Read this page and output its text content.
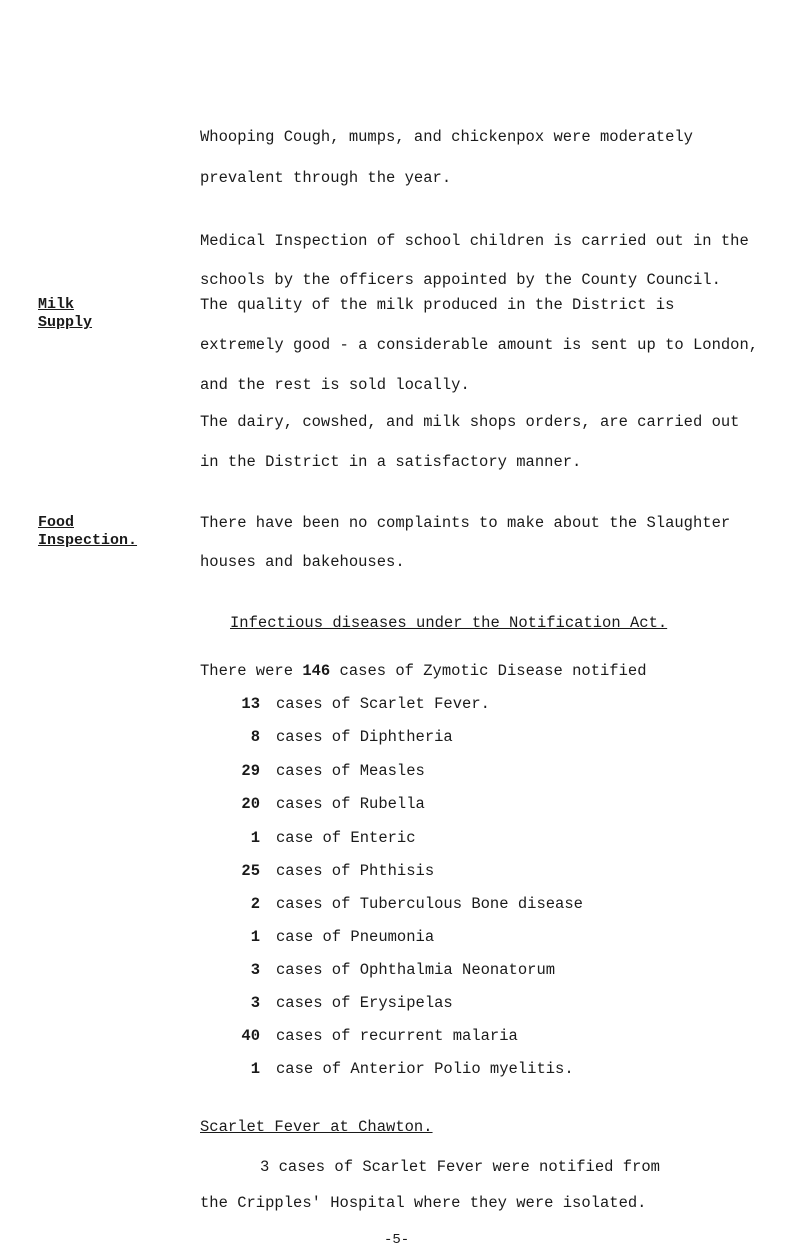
Whooping Cough, mumps, and chickenpox were moderately
prevalent through the year.
Medical Inspection of school children is carried out in the
schools by the officers appointed by the County Council.
Milk
Supply
The quality of the milk produced in the District is
extremely good - a considerable amount is sent up to London,
and the rest is sold locally.
The dairy, cowshed, and milk shops orders, are carried out
in the District in a satisfactory manner.
Food
Inspection.
There have been no complaints to make about the Slaughter
houses and bakehouses.
Infectious diseases under the Notification Act.
There were 146 cases of Zymotic Disease notified
13 cases of Scarlet Fever.
8 cases of Diphtheria
29 cases of Measles
20 cases of Rubella
1 case of Enteric
25 cases of Phthisis
2 cases of Tuberculous Bone disease
1 case of Pneumonia
3 cases of Ophthalmia Neonatorum
3 cases of Erysipelas
40 cases of recurrent malaria
1 case of Anterior Polio myelitis.
Scarlet Fever at Chawton.
3 cases of Scarlet Fever were notified from
the Cripples' Hospital where they were isolated.
-5-
